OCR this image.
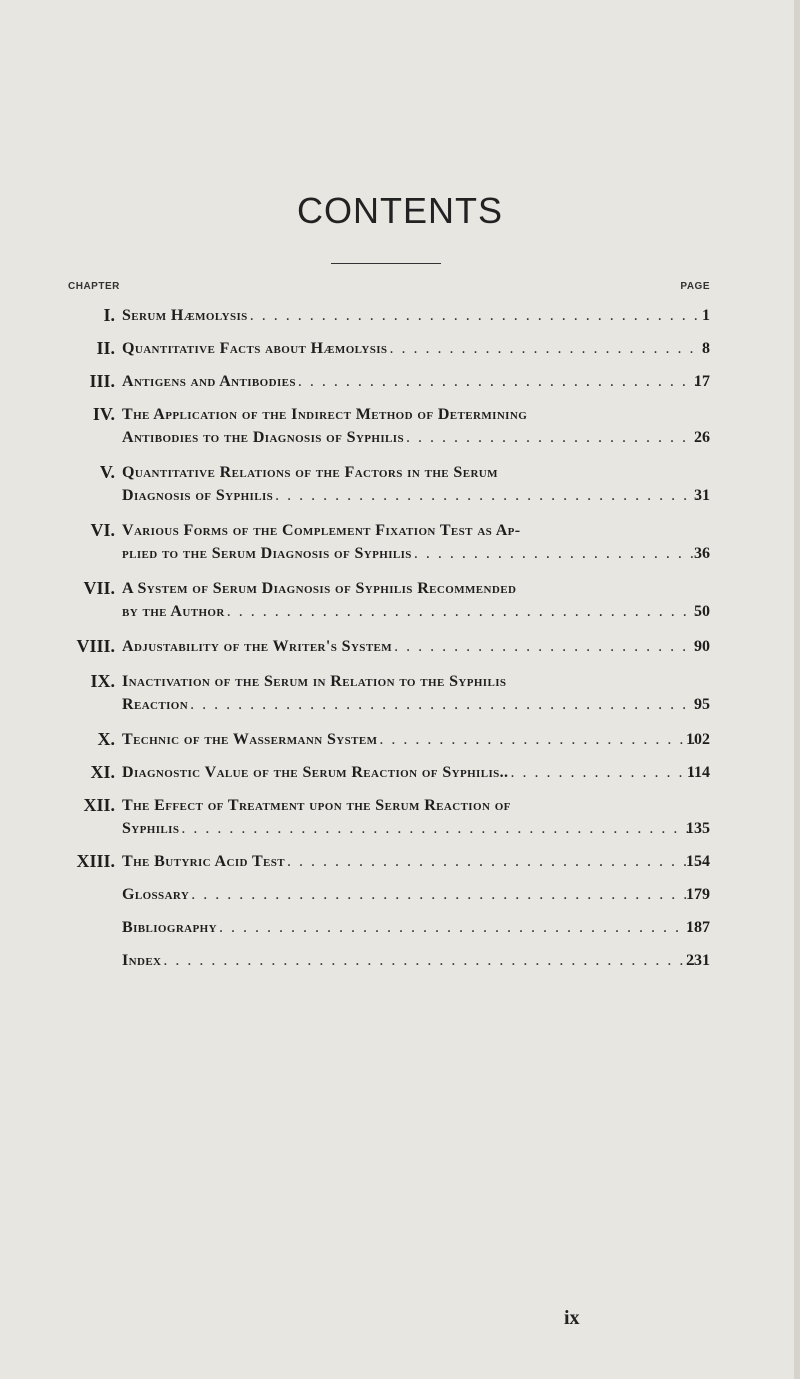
CONTENTS
CHAPTER	PAGE
I. Serum Hæmolysis . . .	1
II. Quantitative Facts about Hæmolysis . . .	8
III. Antigens and Antibodies . . .	17
IV. The Application of the Indirect Method of Determining
Antibodies to the Diagnosis of Syphilis . . .	26
V. Quantitative Relations of the Factors in the Serum
Diagnosis of Syphilis . . .	31
VI. Various Forms of the Complement Fixation Test as Ap-
plied to the Serum Diagnosis of Syphilis . . .	36
VII. A System of Serum Diagnosis of Syphilis Recommended
by the Author . . .	50
VIII. Adjustability of the Writer's System . . .	90
IX. Inactivation of the Serum in Relation to the Syphilis
Reaction . . .	95
X. Technic of the Wassermann System . . .	102
XI. Diagnostic Value of the Serum Reaction of Syphilis.. . . .	114
XII. The Effect of Treatment upon the Serum Reaction of
Syphilis . . .	135
XIII. The Butyric Acid Test . . .	154
Glossary . . .	179
Bibliography . . .	187
Index . . .	231
ix
